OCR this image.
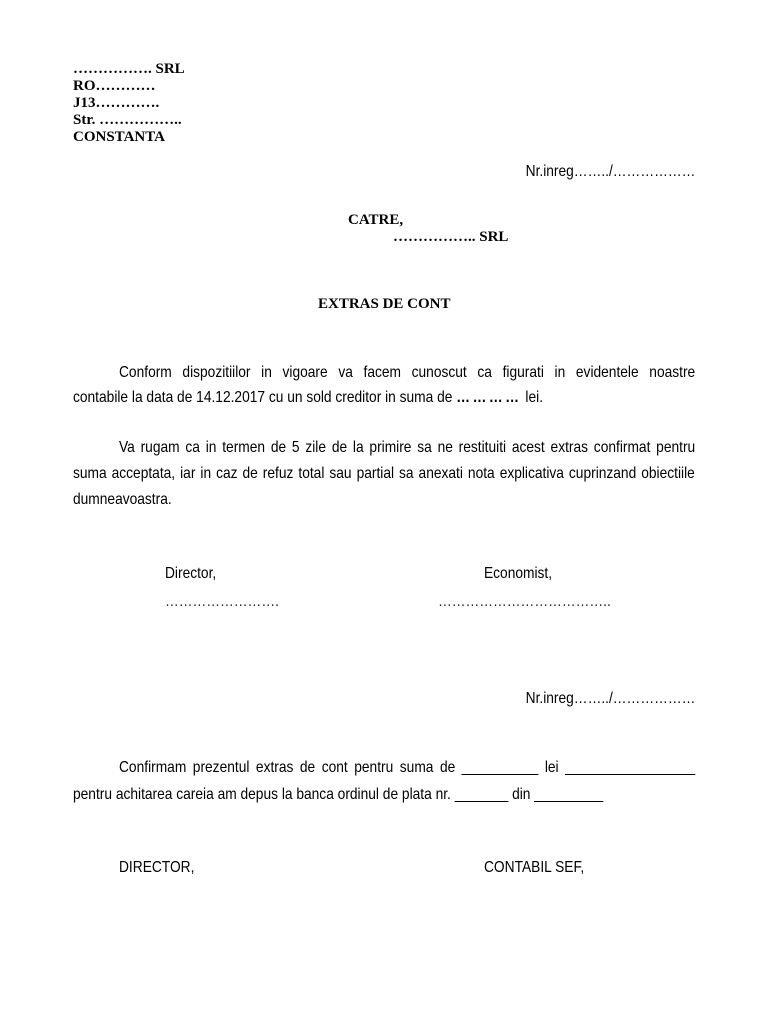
……………. SRL
RO…………
J13………….
Str. ……………..
CONSTANTA
Nr.inreg……../………………
CATRE,
…………….. SRL
EXTRAS DE CONT
Conform dispozitiilor in vigoare va facem cunoscut ca figurati in evidentele noastre
contabile la data de 14.12.2017 cu un sold creditor in suma de ………… lei.
Va rugam ca in termen de 5 zile de la primire sa ne restituiti acest extras confirmat pentru
suma acceptata, iar in caz de refuz total sau partial sa anexati nota explicativa cuprinzand obiectiile
dumneavoastra.
Director,	Economist,
…………………….	………………………………..
Nr.inreg……../………………
Confirmam prezentul extras de cont pentru suma de __________ lei _________________
pentru achitarea careia am depus la banca ordinul de plata nr. _______ din _________
DIRECTOR,	CONTABIL SEF,
